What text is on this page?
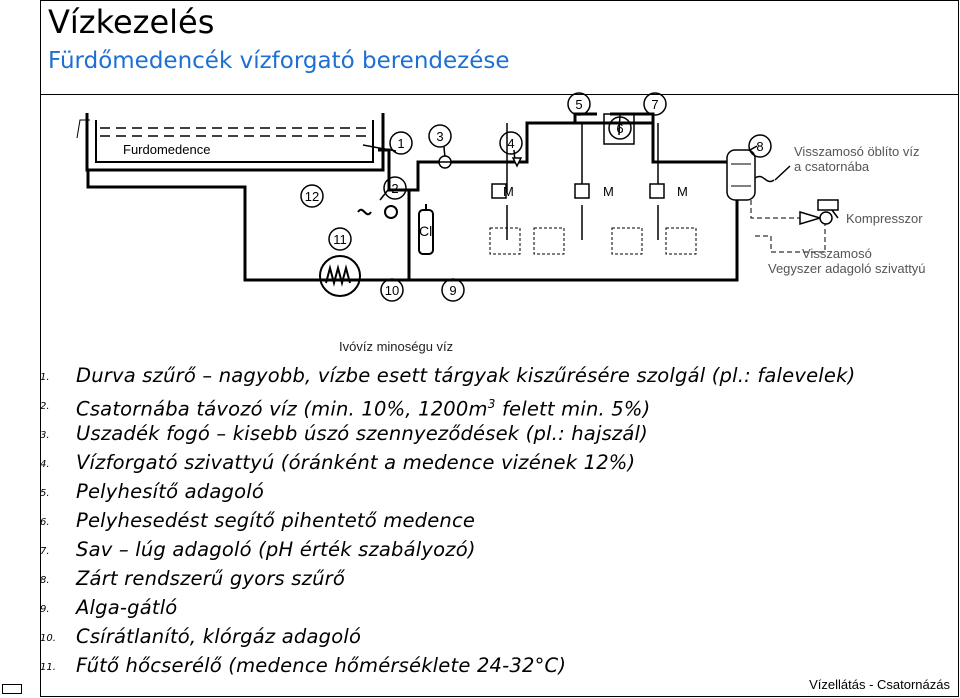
Vízkezelés
Fürdőmedencék vízforgató berendezése
Furdomedence
M	M	M
Cl
1
2
3	4
5
6
7
8
9
10
11
12
Visszamosó öblíto víz
a csatornába
Kompresszor
Visszamosó
Vegyszer adagoló szivattyú
Ivóvíz minoségu víz
1.	Durva szűrő – nagyobb, vízbe esett tárgyak kiszűrésére szolgál (pl.: falevelek)
2.	Csatornába távozó víz (min. 10%, $1200m^3$ felett min. 5%)
3.	Uszadék fogó – kisebb úszó szennyeződések (pl.: hajszál)
4.	Vízforgató szivattyú (óránként a medence vizének 12%)
5.	Pelyhesítő adagoló
6.	Pelyhesedést segítő pihentető medence
7.	Sav – lúg adagoló (pH érték szabályozó)
8.	Zárt rendszerű gyors szűrő
9.	Alga-gátló
10.	Csírátlanító, klórgáz adagoló
11.	Fűtő hőcserélő (medence hőmérséklete 24-32°C)
Vízellátás - Csatornázás
